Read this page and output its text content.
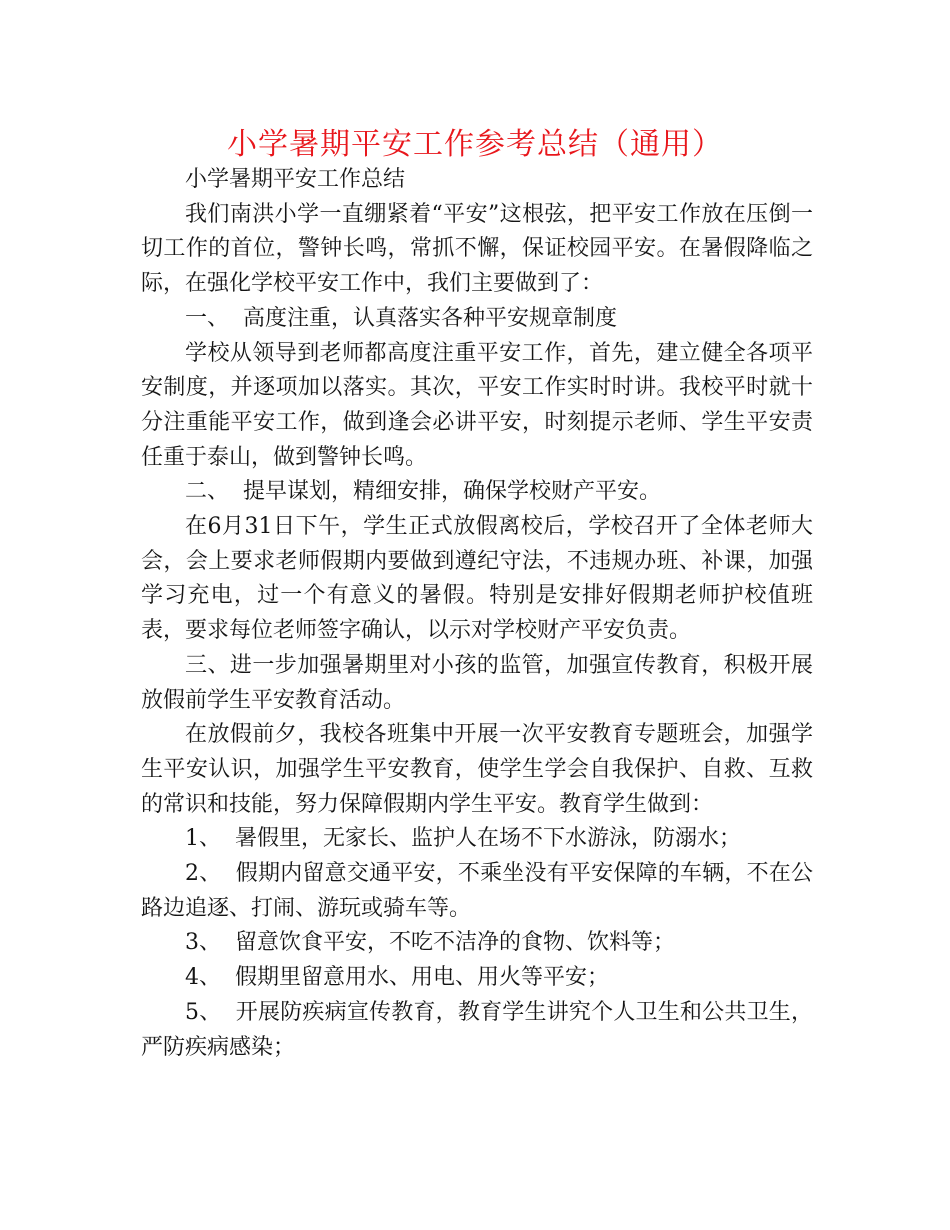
小学暑期平安工作参考总结（通用）

小学暑期平安工作总结

我们南洪小学一直绷紧着“平安”这根弦，把平安工作放在压倒一切工作的首位，警钟长鸣，常抓不懈，保证校园平安。在暑假降临之际，在强化学校平安工作中，我们主要做到了：

一、  高度注重，认真落实各种平安规章制度

学校从领导到老师都高度注重平安工作，首先，建立健全各项平安制度，并逐项加以落实。其次，平安工作实时时讲。我校平时就十分注重能平安工作，做到逢会必讲平安，时刻提示老师、学生平安责任重于泰山，做到警钟长鸣。

二、  提早谋划，精细安排，确保学校财产平安。

在6月31日下午，学生正式放假离校后，学校召开了全体老师大会，会上要求老师假期内要做到遵纪守法，不违规办班、补课，加强学习充电，过一个有意义的暑假。特别是安排好假期老师护校值班表，要求每位老师签字确认，以示对学校财产平安负责。

三、进一步加强暑期里对小孩的监管，加强宣传教育，积极开展放假前学生平安教育活动。

在放假前夕，我校各班集中开展一次平安教育专题班会，加强学生平安认识，加强学生平安教育，使学生学会自我保护、自救、互救的常识和技能，努力保障假期内学生平安。教育学生做到：

1、  暑假里，无家长、监护人在场不下水游泳，防溺水；

2、  假期内留意交通平安，不乘坐没有平安保障的车辆，不在公路边追逐、打闹、游玩或骑车等。

3、  留意饮食平安，不吃不洁净的食物、饮料等；

4、  假期里留意用水、用电、用火等平安；

5、  开展防疾病宣传教育，教育学生讲究个人卫生和公共卫生，严防疾病感染；
